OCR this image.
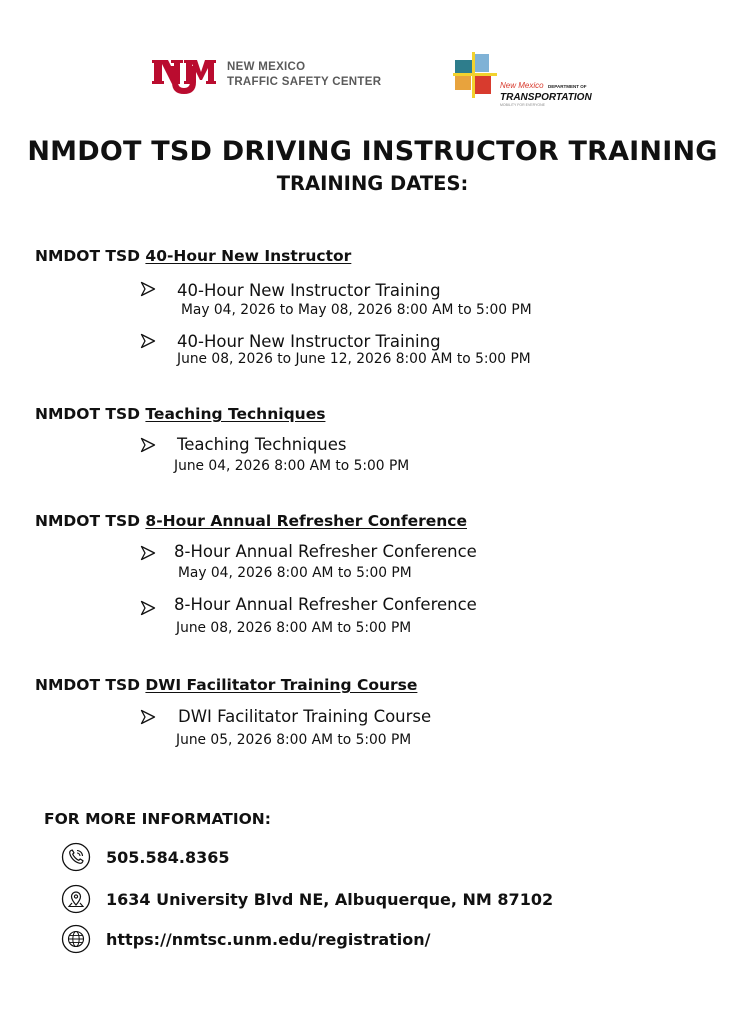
NEW MEXICO
TRAFFIC SAFETY CENTER	New Mexico DEPARTMENT OF
TRANSPORTATION
MOBILITY FOR EVERYONE
NMDOT TSD DRIVING INSTRUCTOR TRAINING
TRAINING DATES:
NMDOT TSD 40-Hour New Instructor
40-Hour New Instructor Training
May 04, 2026 to May 08, 2026 8:00 AM to 5:00 PM
40-Hour New Instructor Training
June 08, 2026 to June 12, 2026 8:00 AM to 5:00 PM
NMDOT TSD Teaching Techniques
Teaching Techniques
June 04, 2026 8:00 AM to 5:00 PM
NMDOT TSD 8-Hour Annual Refresher Conference
8-Hour Annual Refresher Conference
May 04, 2026 8:00 AM to 5:00 PM
8-Hour Annual Refresher Conference
June 08, 2026 8:00 AM to 5:00 PM
NMDOT TSD DWI Facilitator Training Course
DWI Facilitator Training Course
June 05, 2026 8:00 AM to 5:00 PM
FOR MORE INFORMATION:
505.584.8365
1634 University Blvd NE, Albuquerque, NM 87102
https://nmtsc.unm.edu/registration/
